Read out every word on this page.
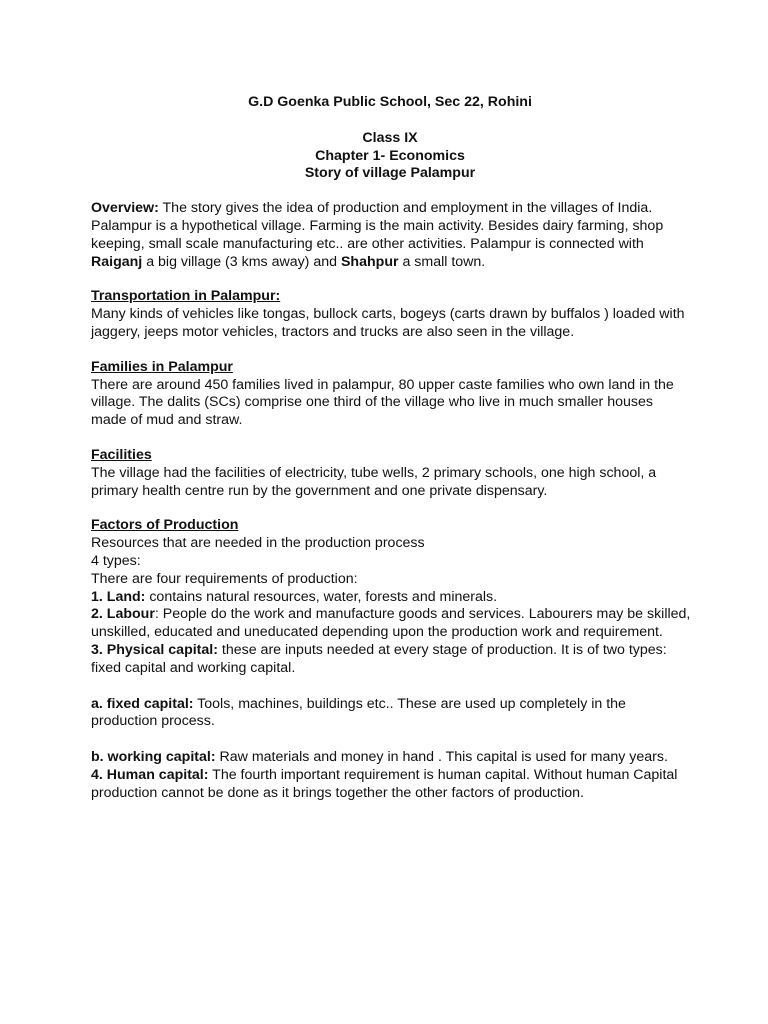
G.D Goenka Public School, Sec 22, Rohini
Class IX
Chapter 1- Economics
Story of village Palampur

Overview: The story gives the idea of production and employment in the villages of India. Palampur is a hypothetical village. Farming is the main activity. Besides dairy farming, shop keeping, small scale manufacturing etc.. are other activities. Palampur is connected with Raiganj a big village (3 kms away) and Shahpur a small town.

Transportation in Palampur:

Many kinds of vehicles like tongas, bullock carts, bogeys (carts drawn by buffalos ) loaded with jaggery, jeeps motor vehicles, tractors and trucks are also seen in the village.

Families in Palampur

There are around 450 families lived in palampur, 80 upper caste families who own land in the village. The dalits (SCs) comprise one third of the village who live in much smaller houses made of mud and straw.

Facilities

The village had the facilities of electricity, tube wells, 2 primary schools, one high school, a primary health centre run by the government and one private dispensary.

Factors of Production

Resources that are needed in the production process

4 types:

There are four requirements of production:

1. Land: contains natural resources, water, forests and minerals.

2. Labour: People do the work and manufacture goods and services. Labourers may be skilled, unskilled, educated and uneducated depending upon the production work and requirement.

3. Physical capital: these are inputs needed at every stage of production. It is of two types: fixed capital and working capital.

a. fixed capital: Tools, machines, buildings etc.. These are used up completely in the production process.

b. working capital: Raw materials and money in hand . This capital is used for many years.

4. Human capital: The fourth important requirement is human capital. Without human Capital production cannot be done as it brings together the other factors of production.
